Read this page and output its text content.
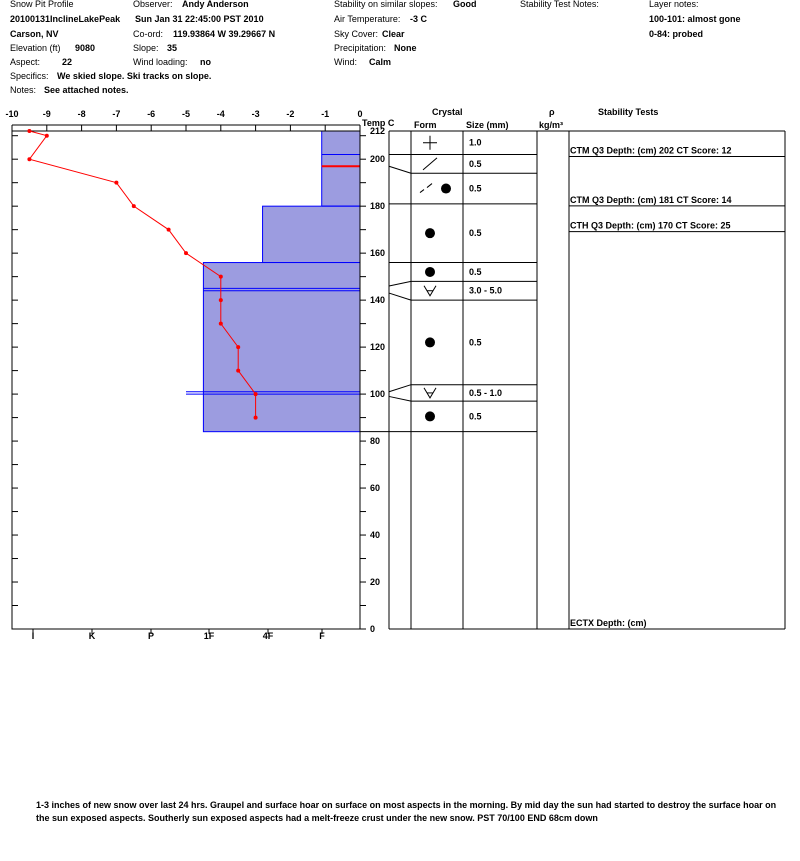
Snow Pit Profile
20100131InclineLakePeak Sun Jan 31 22:45:00 PST 2010
Carson, NV
Elevation (ft) 9080
Aspect: 22
Specifics: We skied slope. Ski tracks on slope.
Notes: See attached notes.
Observer: Andy Anderson
Co-ord: 119.93864 W 39.29667 N
Slope: 35
Wind loading: no
Stability on similar slopes: Good
Air Temperature: -3 C
Sky Cover: Clear
Precipitation: None
Wind: Calm
Stability Test Notes:	Layer notes:
100-101: almost gone
0-84: probed
Temp C
Crystal
Form	Size (mm)
ρ
kg/m³
Stability Tests
-10	-9	-8	-7	-6	-5	-4	-3	-2	-1	0
0
20
40
60
80
100
120
140
160
180
200
212
I	K	P	1F	4F	F
1.0
0.5
0.5
0.5
0.5
3.0 - 5.0
0.5
0.5 - 1.0
0.5
CTM Q3 Depth: (cm) 202 CT Score: 12
CTM Q3 Depth: (cm) 181 CT Score: 14
CTH Q3 Depth: (cm) 170 CT Score: 25
ECTX Depth: (cm)
1-3 inches of new snow over last 24 hrs. Graupel and surface hoar on surface on most aspects in the morning. By mid day the sun had started to destroy the surface hoar on the sun exposed aspects. Southerly sun exposed aspects had a melt-freeze crust under the new snow. PST 70/100 END 68cm down
